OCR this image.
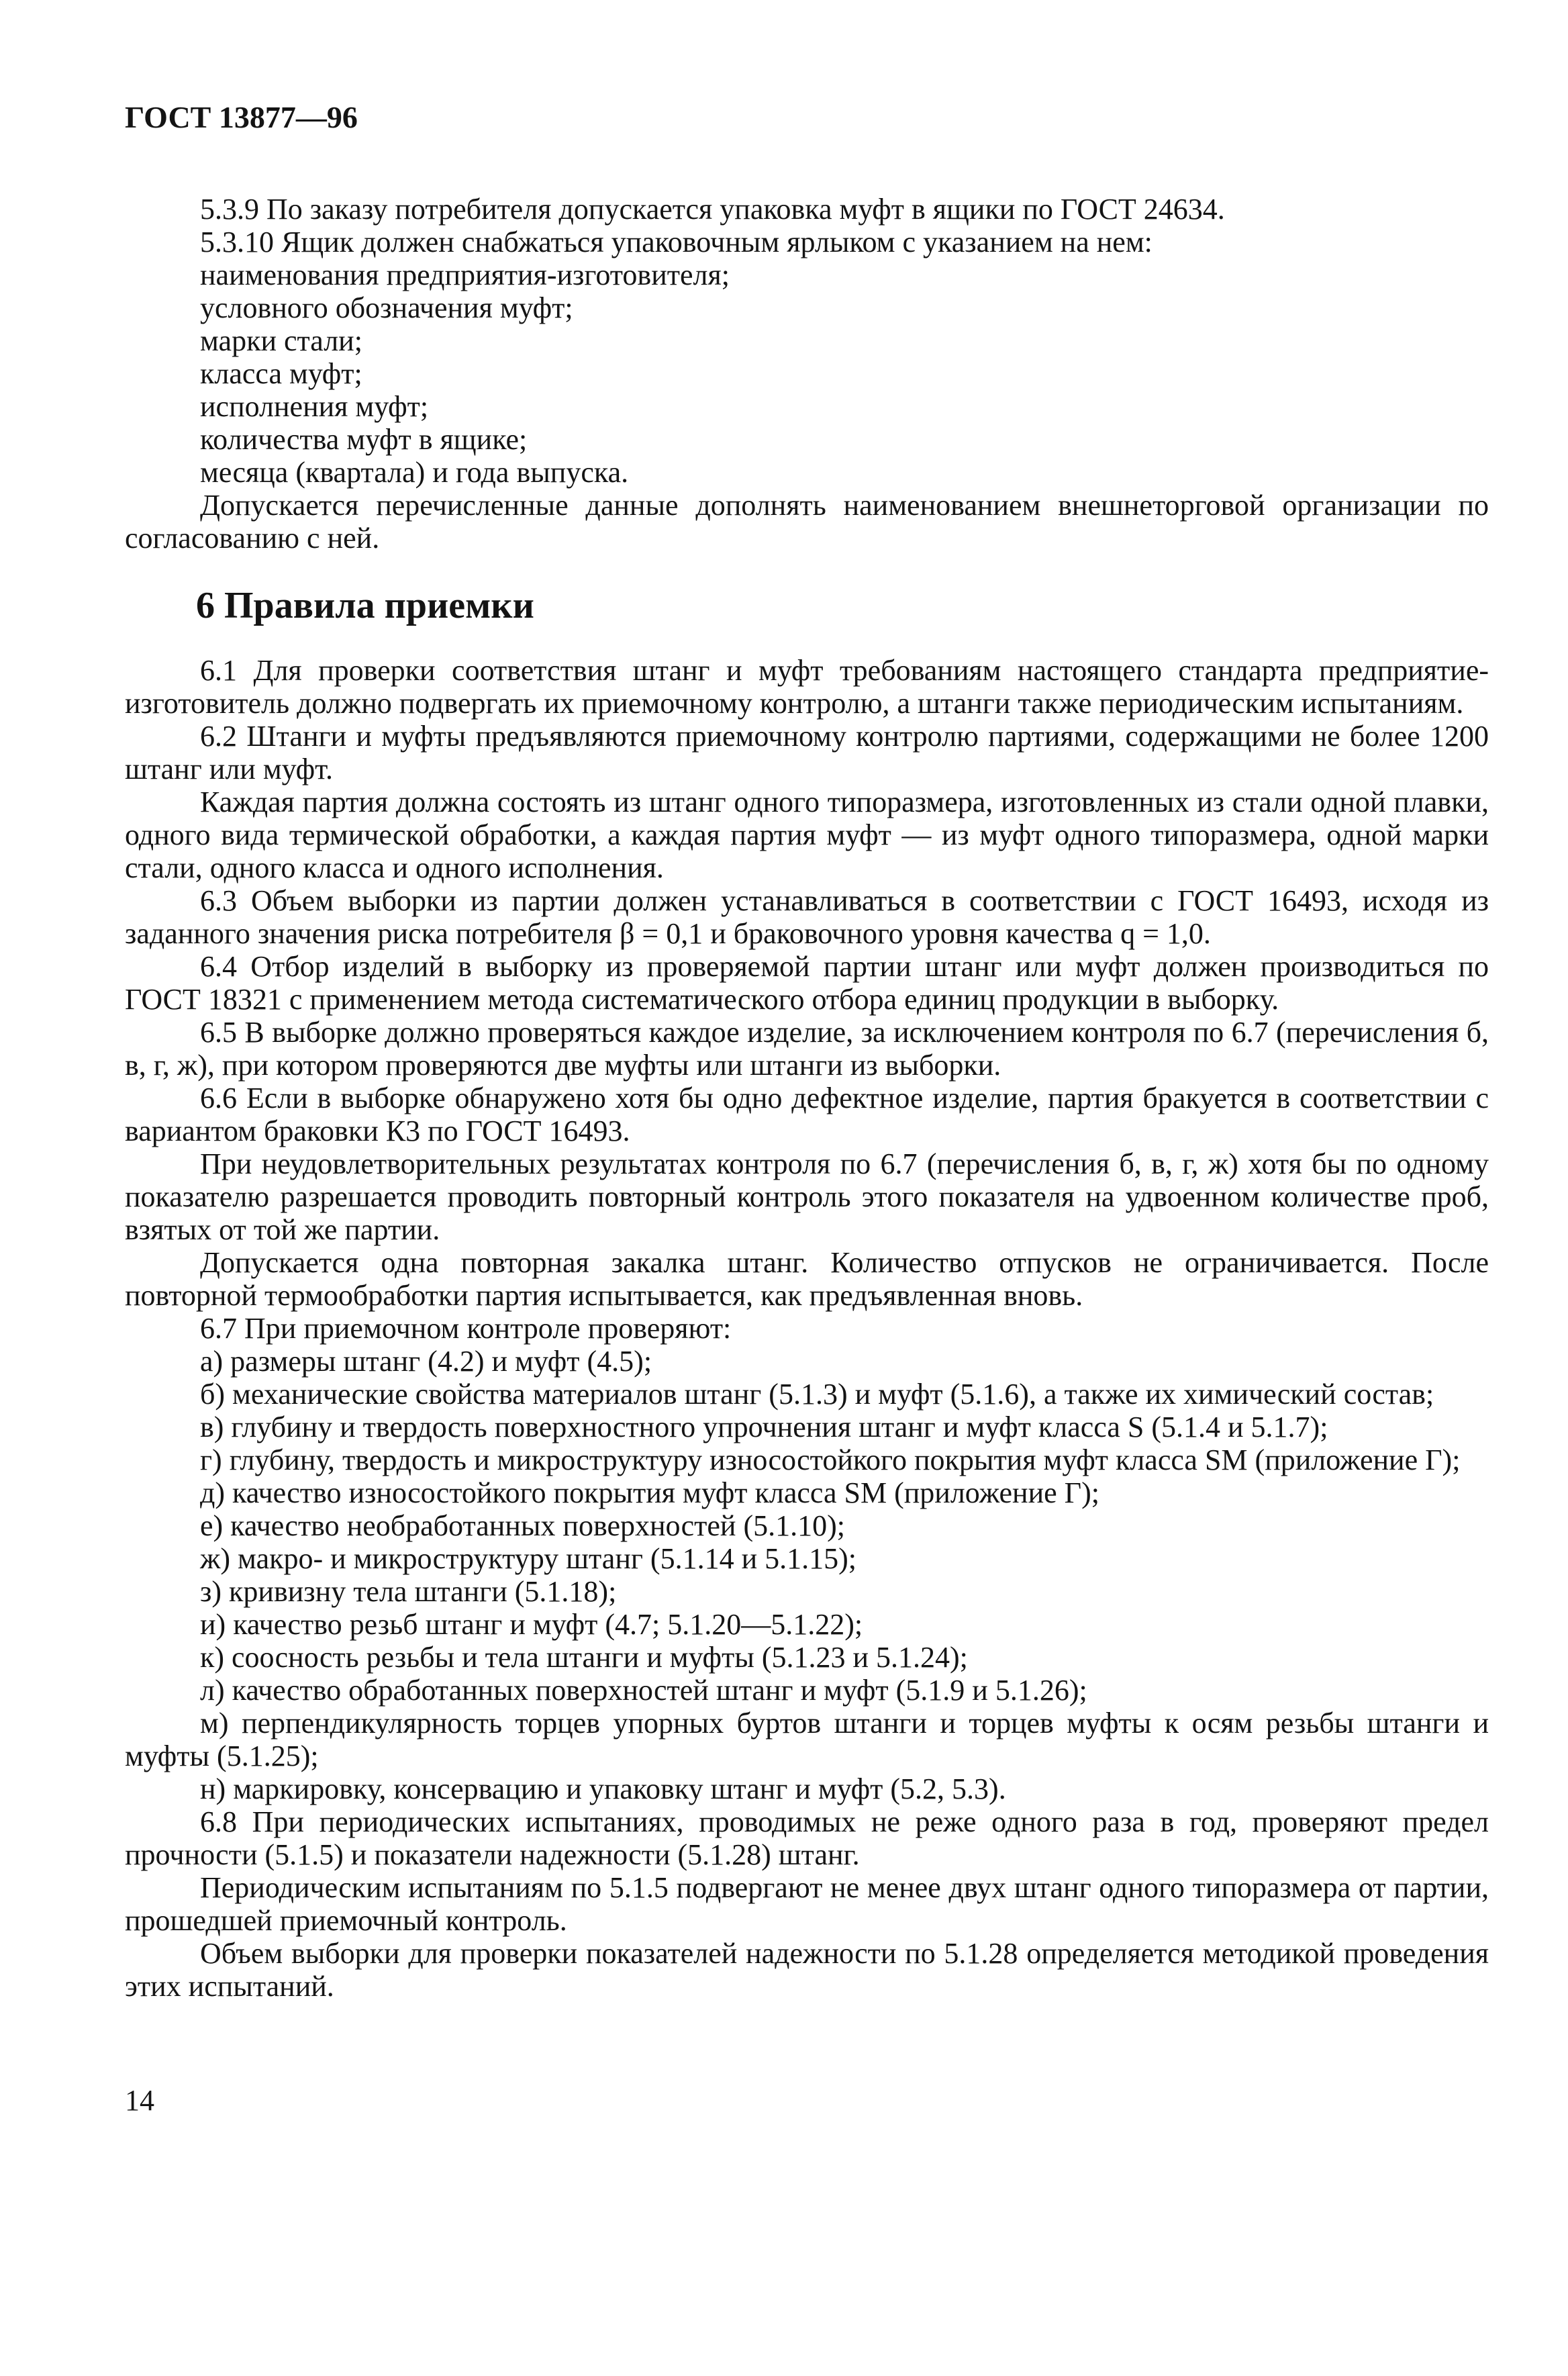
ГОСТ 13877—96

5.3.9 По заказу потребителя допускается упаковка муфт в ящики по ГОСТ 24634.

5.3.10 Ящик должен снабжаться упаковочным ярлыком с указанием на нем:

наименования предприятия-изготовителя;

условного обозначения муфт;

марки стали;

класса муфт;

исполнения муфт;

количества муфт в ящике;

месяца (квартала) и года выпуска.

Допускается перечисленные данные дополнять наименованием внешнеторговой организации по согласованию с ней.

6 Правила приемки

6.1 Для проверки соответствия штанг и муфт требованиям настоящего стандарта предприятие-изготовитель должно подвергать их приемочному контролю, а штанги также периодическим испытаниям.

6.2 Штанги и муфты предъявляются приемочному контролю партиями, содержащими не более 1200 штанг или муфт.

Каждая партия должна состоять из штанг одного типоразмера, изготовленных из стали одной плавки, одного вида термической обработки, а каждая партия муфт — из муфт одного типоразмера, одной марки стали, одного класса и одного исполнения.

6.3 Объем выборки из партии должен устанавливаться в соответствии с ГОСТ 16493, исходя из заданного значения риска потребителя β = 0,1 и браковочного уровня качества q = 1,0.

6.4 Отбор изделий в выборку из проверяемой партии штанг или муфт должен производиться по ГОСТ 18321 с применением метода систематического отбора единиц продукции в выборку.

6.5 В выборке должно проверяться каждое изделие, за исключением контроля по 6.7 (перечисления б, в, г, ж), при котором проверяются две муфты или штанги из выборки.

6.6 Если в выборке обнаружено хотя бы одно дефектное изделие, партия бракуется в соответствии с вариантом браковки К3 по ГОСТ 16493.

При неудовлетворительных результатах контроля по 6.7 (перечисления б, в, г, ж) хотя бы по одному показателю разрешается проводить повторный контроль этого показателя на удвоенном количестве проб, взятых от той же партии.

Допускается одна повторная закалка штанг. Количество отпусков не ограничивается. После повторной термообработки партия испытывается, как предъявленная вновь.

6.7 При приемочном контроле проверяют:

а) размеры штанг (4.2) и муфт (4.5);

б) механические свойства материалов штанг (5.1.3) и муфт (5.1.6), а также их химический состав;

в) глубину и твердость поверхностного упрочнения штанг и муфт класса S (5.1.4 и 5.1.7);

г) глубину, твердость и микроструктуру износостойкого покрытия муфт класса SM (приложение Г);

д) качество износостойкого покрытия муфт класса SM (приложение Г);

е) качество необработанных поверхностей (5.1.10);

ж) макро- и микроструктуру штанг (5.1.14 и 5.1.15);

з) кривизну тела штанги (5.1.18);

и) качество резьб штанг и муфт (4.7; 5.1.20—5.1.22);

к) соосность резьбы и тела штанги и муфты (5.1.23 и 5.1.24);

л) качество обработанных поверхностей штанг и муфт (5.1.9 и 5.1.26);

м) перпендикулярность торцев упорных буртов штанги и торцев муфты к осям резьбы штанги и муфты (5.1.25);

н) маркировку, консервацию и упаковку штанг и муфт (5.2, 5.3).

6.8 При периодических испытаниях, проводимых не реже одного раза в год, проверяют предел прочности (5.1.5) и показатели надежности (5.1.28) штанг.

Периодическим испытаниям по 5.1.5 подвергают не менее двух штанг одного типоразмера от партии, прошедшей приемочный контроль.

Объем выборки для проверки показателей надежности по 5.1.28 определяется методикой проведения этих испытаний.

14
